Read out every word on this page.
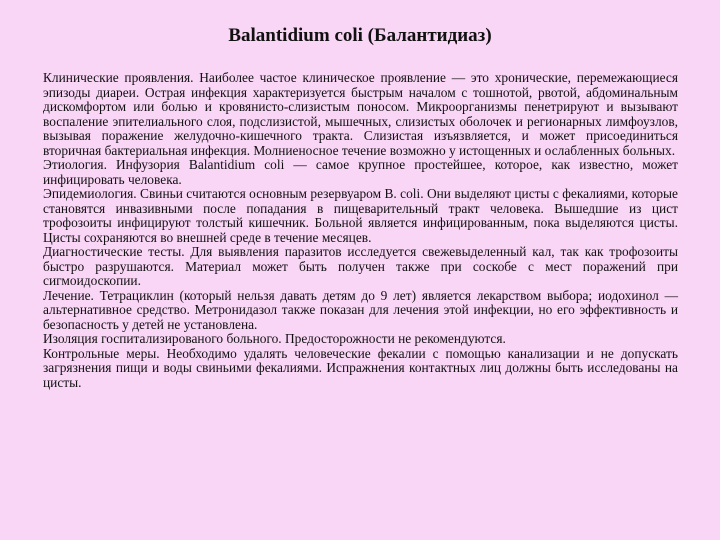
Balantidium coli (Балантидиаз)

Клинические проявления. Наиболее частое клиническое проявление — это хронические, перемежающиеся эпизоды диареи. Острая инфекция характеризуется быстрым началом с тошнотой, рвотой, абдоминальным дискомфортом или болью и кровянисто-слизистым поносом. Микроорганизмы пенетрируют и вызывают воспаление эпителиального слоя, подслизистой, мышечных, слизистых оболочек и регионарных лимфоузлов, вызывая поражение желудочно-кишечного тракта. Слизистая изъязвляется, и может присоединиться вторичная бактериальная инфекция. Молниеносное течение возможно у истощенных и ослабленных больных.

Этиология. Инфузория Balantidium coli — самое крупное простейшее, которое, как известно, может инфицировать человека.

Эпидемиология. Свиньи считаются основным резервуаром B. coli. Они выделяют цисты с фекалиями, которые становятся инвазивными после попадания в пищеварительный тракт человека. Вышедшие из цист трофозоиты инфицируют толстый кишечник. Больной является инфицированным, пока выделяются цисты. Цисты сохраняются во внешней среде в течение месяцев.

Диагностические тесты. Для выявления паразитов исследуется свежевыделенный кал, так как трофозоиты быстро разрушаются. Материал может быть получен также при соскобе с мест поражений при сигмоидоскопии.

Лечение. Тетрациклин (который нельзя давать детям до 9 лет) является лекарством выбора; иодохинол — альтернативное средство. Метронидазол также показан для лечения этой инфекции, но его эффективность и безопасность у детей не установлена.

Изоляция госпитализированого больного. Предосторожности не рекомендуются.

Контрольные меры. Необходимо удалять человеческие фекалии с помощью канализации и не допускать загрязнения пищи и воды свиньими фекалиями. Испражнения контактных лиц должны быть исследованы на цисты.
